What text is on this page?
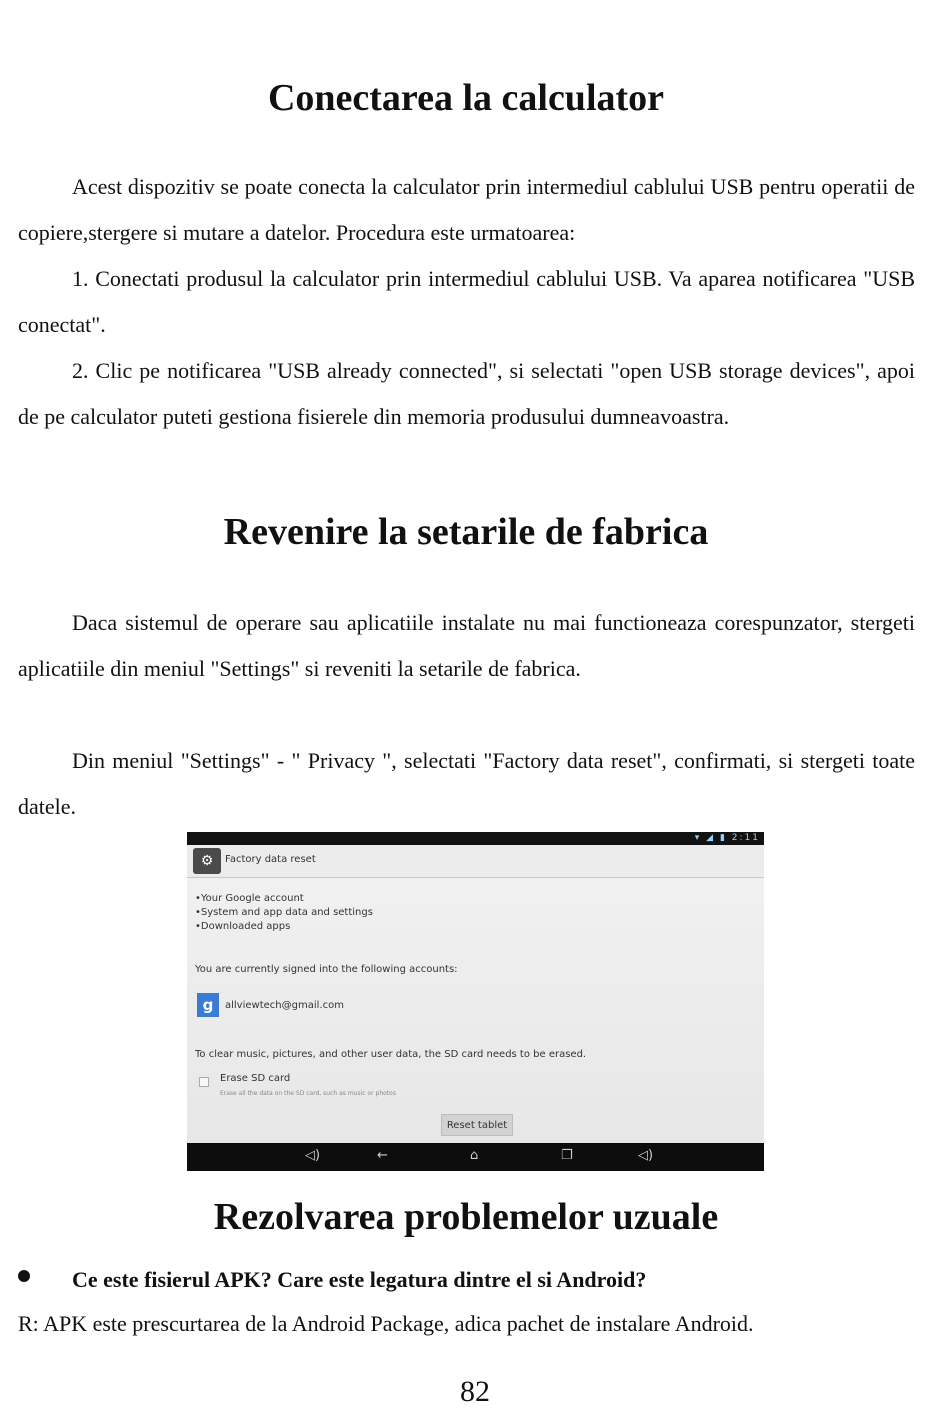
Conectarea la calculator

Acest dispozitiv se poate conecta la calculator prin intermediul cablului USB pentru operatii de copiere,stergere si mutare a datelor. Procedura este urmatoarea:

1. Conectati produsul la calculator prin intermediul cablului USB. Va aparea notificarea "USB conectat".

2. Clic pe notificarea "USB already connected", si selectati "open USB storage devices", apoi de pe calculator puteti gestiona fisierele din memoria produsului dumneavoastra.

Revenire la setarile de fabrica

Daca sistemul de operare sau aplicatiile instalate nu mai functioneaza corespunzator, stergeti aplicatiile din meniul "Settings" si reveniti la setarile de fabrica.

Din meniul "Settings" - " Privacy ", selectati "Factory data reset", confirmati, si stergeti toate datele.

▾ ◢ ▮ 2:11
⚙	Factory data reset
• Your Google account
• System and app data and settings
• Downloaded apps
You are currently signed into the following accounts:
g	allviewtech@gmail.com
To clear music, pictures, and other user data, the SD card needs to be erased.
Erase SD card
Erase all the data on the SD card, such as music or photos
Reset tablet
◁)	←	⌂	❐	◁)
Rezolvarea problemelor uzuale
Ce este fisierul APK? Care este legatura dintre el si Android?
R: APK este prescurtarea de la Android Package, adica pachet de instalare Android.
82
